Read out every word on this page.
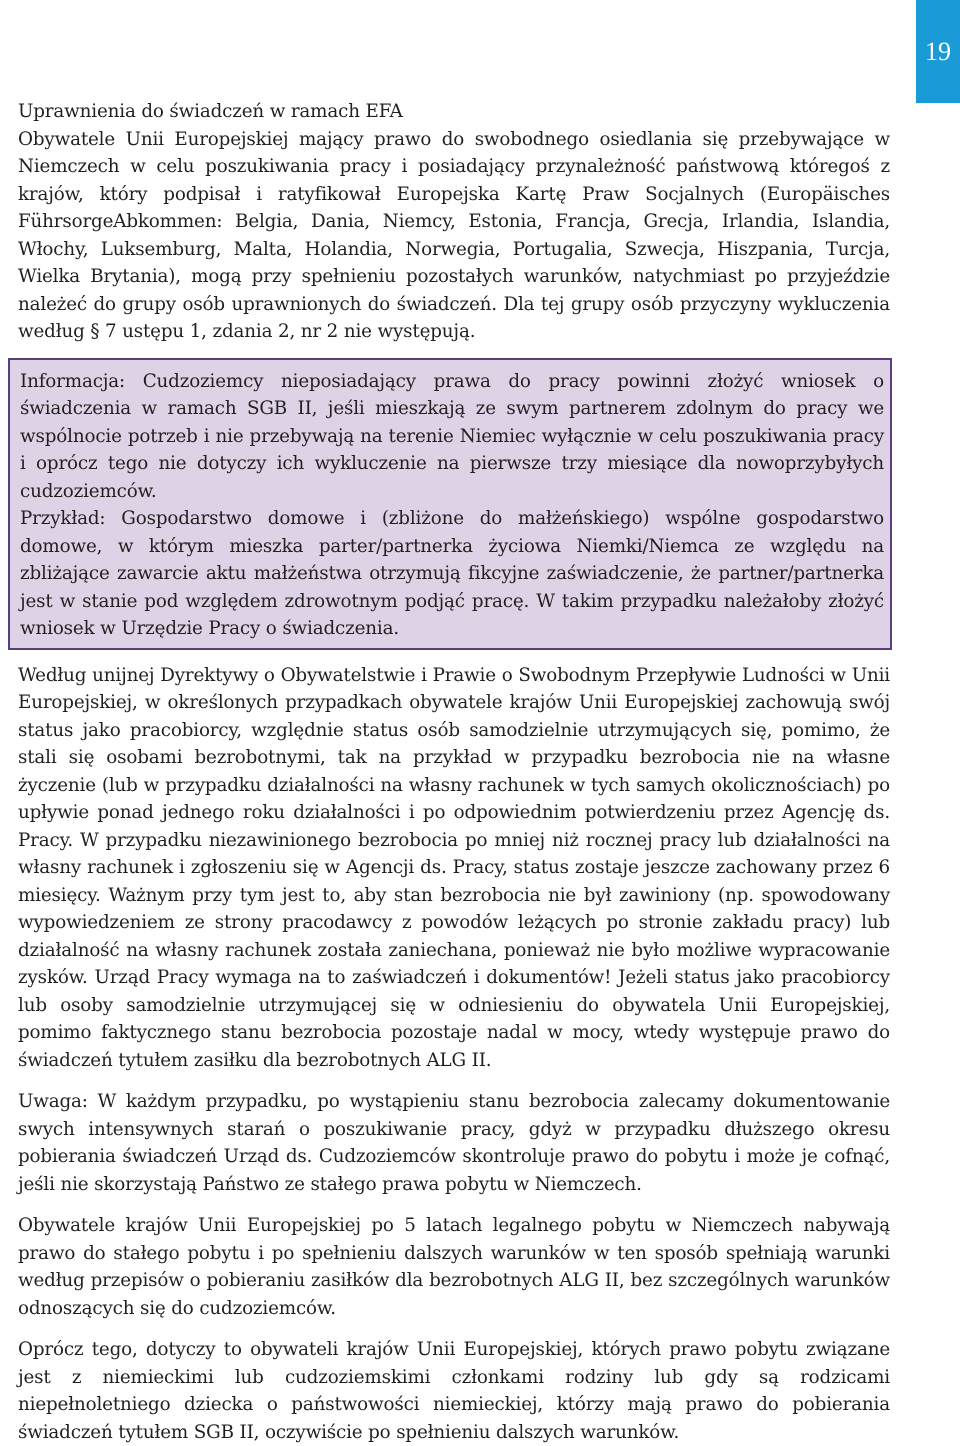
19

Uprawnienia do świadczeń w ramach EFA

Obywatele Unii Europejskiej mający prawo do swobodnego osiedlania się przebywające w Niemczech w celu poszukiwania pracy i posiadający przynależność państwową któregoś z krajów, który podpisał i ratyfikował Europejska Kartę Praw Socjalnych (Europäisches FührsorgeAbkommen: Belgia, Dania, Niemcy, Estonia, Francja, Grecja, Irlandia, Islandia, Włochy, Luksemburg, Malta, Holandia, Norwegia, Portugalia, Szwecja, Hiszpania, Turcja, Wielka Brytania), mogą przy spełnieniu pozostałych warunków, natychmiast po przyjeździe należeć do grupy osób uprawnionych do świadczeń. Dla tej grupy osób przyczyny wykluczenia według § 7 ustępu 1, zdania 2, nr 2 nie występują.

Informacja: Cudzoziemcy nieposiadający prawa do pracy powinni złożyć wniosek o świadczenia w ramach SGB II, jeśli mieszkają ze swym partnerem zdolnym do pracy we wspólnocie potrzeb i nie przebywają na terenie Niemiec wyłącznie w celu poszukiwania pracy i oprócz tego nie dotyczy ich wykluczenie na pierwsze trzy miesiące dla nowoprzybyłych cudzoziemców.

Przykład: Gospodarstwo domowe i (zbliżone do małżeńskiego) wspólne gospodarstwo domowe, w którym mieszka parter/partnerka życiowa Niemki/Niemca ze względu na zbliżające zawarcie aktu małżeństwa otrzymują fikcyjne zaświadczenie, że partner/partnerka jest w stanie pod względem zdrowotnym podjąć pracę. W takim przypadku należałoby złożyć wniosek w Urzędzie Pracy o świadczenia.

Według unijnej Dyrektywy o Obywatelstwie i Prawie o Swobodnym Przepływie Ludności w Unii Europejskiej, w określonych przypadkach obywatele krajów Unii Europejskiej zachowują swój status jako pracobiorcy, względnie status osób samodzielnie utrzymujących się, pomimo, że stali się osobami bezrobotnymi, tak na przykład w przypadku bezrobocia nie na własne życzenie (lub w przypadku działalności na własny rachunek w tych samych okolicznościach) po upływie ponad jednego roku działalności i po odpowiednim potwierdzeniu przez Agencję ds. Pracy. W przypadku niezawinionego bezrobocia po mniej niż rocznej pracy lub działalności na własny rachunek i zgłoszeniu się w Agencji ds. Pracy, status zostaje jeszcze zachowany przez 6 miesięcy. Ważnym przy tym jest to, aby stan bezrobocia nie był zawiniony (np. spowodowany wypowiedzeniem ze strony pracodawcy z powodów leżących po stronie zakładu pracy) lub działalność na własny rachunek została zaniechana, ponieważ nie było możliwe wypracowanie zysków. Urząd Pracy wymaga na to zaświadczeń i dokumentów! Jeżeli status jako pracobiorcy lub osoby samodzielnie utrzymującej się w odniesieniu do obywatela Unii Europejskiej, pomimo faktycznego stanu bezrobocia pozostaje nadal w mocy, wtedy występuje prawo do świadczeń tytułem zasiłku dla bezrobotnych ALG II.

Uwaga: W każdym przypadku, po wystąpieniu stanu bezrobocia zalecamy dokumentowanie swych intensywnych starań o poszukiwanie pracy, gdyż w przypadku dłuższego okresu pobierania świadczeń Urząd ds. Cudzoziemców skontroluje prawo do pobytu i może je cofnąć, jeśli nie skorzystają Państwo ze stałego prawa pobytu w Niemczech.

Obywatele krajów Unii Europejskiej po 5 latach legalnego pobytu w Niemczech nabywają prawo do stałego pobytu i po spełnieniu dalszych warunków w ten sposób spełniają warunki według przepisów o pobieraniu zasiłków dla bezrobotnych ALG II, bez szczególnych warunków odnoszących się do cudzoziemców.

Oprócz tego, dotyczy to obywateli krajów Unii Europejskiej, których prawo pobytu związane jest z niemieckimi lub cudzoziemskimi członkami rodziny lub gdy są rodzicami niepełnoletniego dziecka o państwowości niemieckiej, którzy mają prawo do pobierania świadczeń tytułem SGB II, oczywiście po spełnieniu dalszych warunków.
